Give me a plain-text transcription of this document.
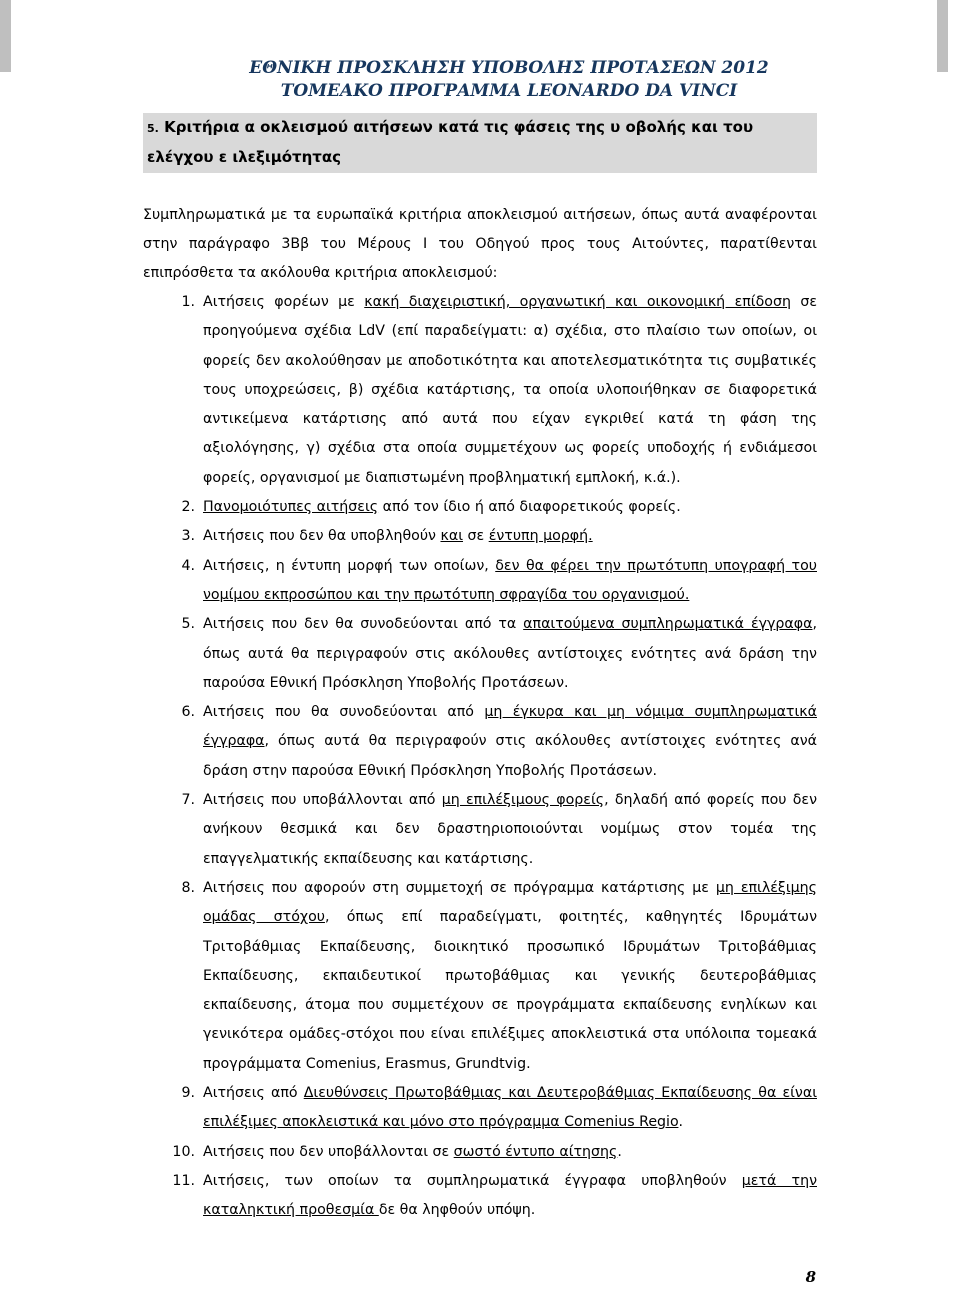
ΕΘΝΙΚΗ ΠΡΟΣΚΛΗΣΗ ΥΠΟΒΟΛΗΣ ΠΡΟΤΑΣΕΩΝ 2012
ΤΟΜΕΑΚΟ ΠΡΟΓΡΑΜΜΑ LEONARDO DA VINCI
5. Κριτήρια α οκλεισμού αιτήσεων κατά τις φάσεις της υ οβολής και του ελέγχου ε ιλεξιμότητας
Συμπληρωματικά με τα ευρωπαϊκά κριτήρια αποκλεισμού αιτήσεων, όπως αυτά αναφέρονται στην παράγραφο 3Ββ του Μέρους Ι του Οδηγού προς τους Αιτούντες, παρατίθενται επιπρόσθετα τα ακόλουθα κριτήρια αποκλεισμού:
1. Αιτήσεις φορέων με κακή διαχειριστική, οργανωτική και οικονομική επίδοση σε προηγούμενα σχέδια LdV (επί παραδείγματι: α) σχέδια, στο πλαίσιο των οποίων, οι φορείς δεν ακολούθησαν με αποδοτικότητα και αποτελεσματικότητα τις συμβατικές τους υποχρεώσεις, β) σχέδια κατάρτισης, τα οποία υλοποιήθηκαν σε διαφορετικά αντικείμενα κατάρτισης από αυτά που είχαν εγκριθεί κατά τη φάση της αξιολόγησης, γ) σχέδια στα οποία συμμετέχουν ως φορείς υποδοχής ή ενδιάμεσοι φορείς, οργανισμοί με διαπιστωμένη προβληματική εμπλοκή, κ.ά.).
2. Πανομοιότυπες αιτήσεις από τον ίδιο ή από διαφορετικούς φορείς.
3. Αιτήσεις που δεν θα υποβληθούν και σε έντυπη μορφή.
4. Αιτήσεις, η έντυπη μορφή των οποίων, δεν θα φέρει την πρωτότυπη υπογραφή του νομίμου εκπροσώπου και την πρωτότυπη σφραγίδα του οργανισμού.
5. Αιτήσεις που δεν θα συνοδεύονται από τα απαιτούμενα συμπληρωματικά έγγραφα, όπως αυτά θα περιγραφούν στις ακόλουθες αντίστοιχες ενότητες ανά δράση την παρούσα Εθνική Πρόσκληση Υποβολής Προτάσεων.
6. Αιτήσεις που θα συνοδεύονται από μη έγκυρα και μη νόμιμα συμπληρωματικά έγγραφα, όπως αυτά θα περιγραφούν στις ακόλουθες αντίστοιχες ενότητες ανά δράση στην παρούσα Εθνική Πρόσκληση Υποβολής Προτάσεων.
7. Αιτήσεις που υποβάλλονται από μη επιλέξιμους φορείς, δηλαδή από φορείς που δεν ανήκουν θεσμικά και δεν δραστηριοποιούνται νομίμως στον τομέα της επαγγελματικής εκπαίδευσης και κατάρτισης.
8. Αιτήσεις που αφορούν στη συμμετοχή σε πρόγραμμα κατάρτισης με μη επιλέξιμης ομάδας στόχου, όπως επί παραδείγματι, φοιτητές, καθηγητές Ιδρυμάτων Τριτοβάθμιας Εκπαίδευσης, διοικητικό προσωπικό Ιδρυμάτων Τριτοβάθμιας Εκπαίδευσης, εκπαιδευτικοί πρωτοβάθμιας και γενικής δευτεροβάθμιας εκπαίδευσης, άτομα που συμμετέχουν σε προγράμματα εκπαίδευσης ενηλίκων και γενικότερα ομάδες-στόχοι που είναι επιλέξιμες αποκλειστικά στα υπόλοιπα τομεακά προγράμματα Comenius, Erasmus, Grundtvig.
9. Αιτήσεις από Διευθύνσεις Πρωτοβάθμιας και Δευτεροβάθμιας Εκπαίδευσης θα είναι επιλέξιμες αποκλειστικά και μόνο στο πρόγραμμα Comenius Regio.
10. Αιτήσεις που δεν υποβάλλονται σε σωστό έντυπο αίτησης.
11. Αιτήσεις, των οποίων τα συμπληρωματικά έγγραφα υποβληθούν μετά την καταληκτική προθεσμία δε θα ληφθούν υπόψη.
8
